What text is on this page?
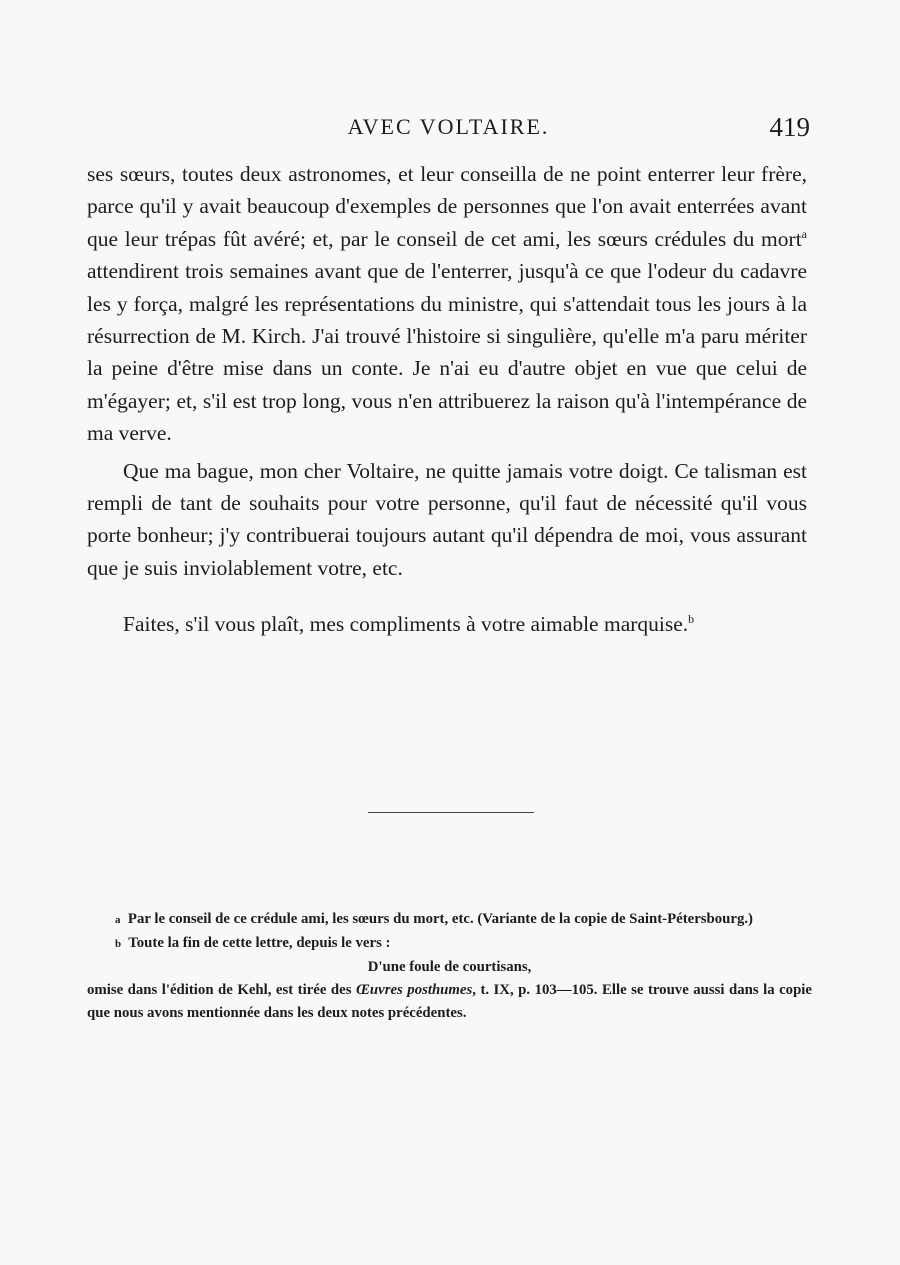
AVEC VOLTAIRE.	419

ses sœurs, toutes deux astronomes, et leur conseilla de ne point enterrer leur frère, parce qu'il y avait beaucoup d'exemples de personnes que l'on avait enterrées avant que leur trépas fût avéré; et, par le conseil de cet ami, les sœurs crédules du mort$^a$ attendirent trois semaines avant que de l'enterrer, jusqu'à ce que l'odeur du cadavre les y força, malgré les représentations du ministre, qui s'attendait tous les jours à la résurrection de M. Kirch. J'ai trouvé l'histoire si singulière, qu'elle m'a paru mériter la peine d'être mise dans un conte. Je n'ai eu d'autre objet en vue que celui de m'égayer; et, s'il est trop long, vous n'en attribuerez la raison qu'à l'intempérance de ma verve.

Que ma bague, mon cher Voltaire, ne quitte jamais votre doigt. Ce talisman est rempli de tant de souhaits pour votre personne, qu'il faut de nécessité qu'il vous porte bonheur; j'y contribuerai toujours autant qu'il dépendra de moi, vous assurant que je suis inviolablement votre, etc.

Faites, s'il vous plaît, mes compliments à votre aimable marquise.$^b$

a Par le conseil de ce crédule ami, les sœurs du mort, etc. (Variante de la copie de Saint-Pétersbourg.)

b Toute la fin de cette lettre, depuis le vers :

D'une foule de courtisans,

omise dans l'édition de Kehl, est tirée des Œuvres posthumes, t. IX, p. 103—105. Elle se trouve aussi dans la copie que nous avons mentionnée dans les deux notes précédentes.
